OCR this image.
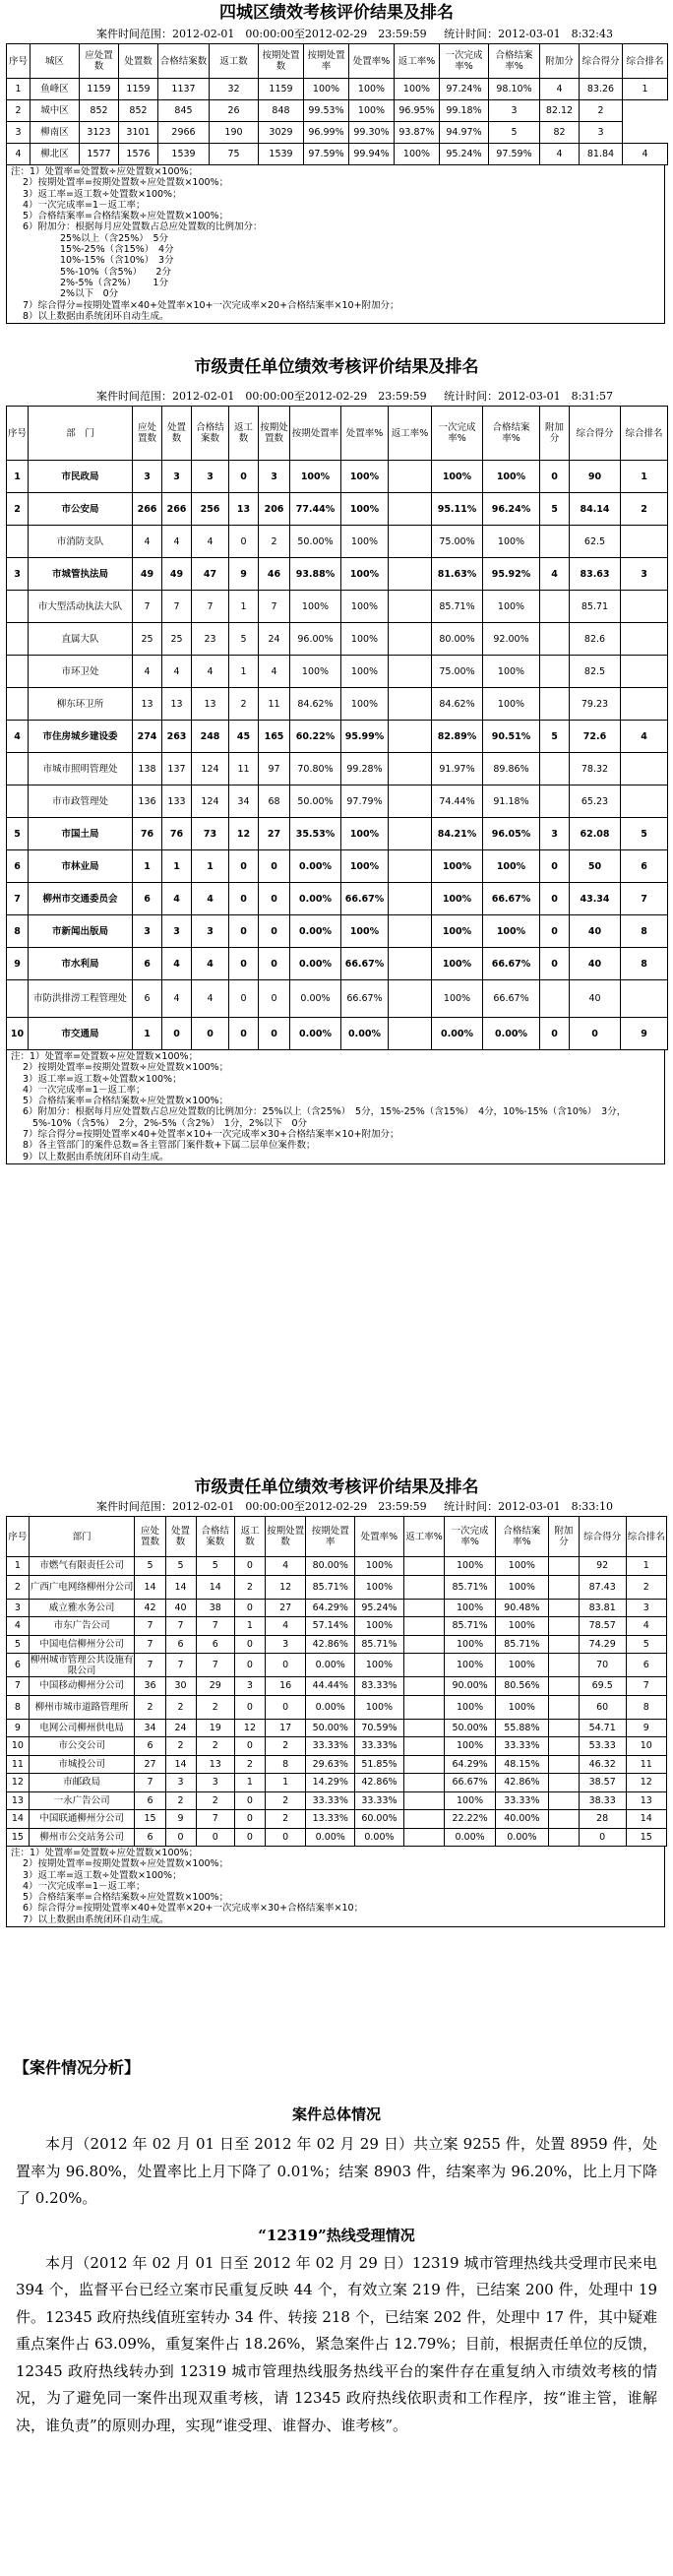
四城区绩效考核评价结果及排名
案件时间范围：2012-02-01　00:00:00至2012-02-29　23:59:59 统计时间：2012-03-01　8:32:43
序号	城区	应处置数	处置数	合格结案数	返工数	按期处置数	按期处置率	处置率%	返工率%	一次完成率%	合格结案率%	附加分	综合得分	综合排名
1	鱼峰区	1159	1159	1137	32	1159	100%	100%	100%	97.24%	98.10%	4	83.26	1
2	城中区	852	852	845	26	848	99.53%	100%	96.95%	99.18%	3	82.12	2	
3	柳南区	3123	3101	2966	190	3029	96.99%	99.30%	93.87%	94.97%	5	82	3	
4	柳北区	1577	1576	1539	75	1539	97.59%	99.94%	100%	95.24%	97.59%	4	81.84	4
注：1）处置率=处置数÷应处置数×100%；
2）按期处置率=按期处置数÷应处置数×100%；
3）返工率=返工数÷处置数×100%；
4）一次完成率=1－返工率；
5）合格结案率=合格结案数÷应处置数×100%；
6）附加分：根据每月应处置数占总应处置数的比例加分：
25%以上（含25%）　5分
15%-25%（含15%）　4分
10%-15%（含10%）　3分
5%-10%（含5%）　　2分
2%-5%（含2%）　　 1分
2%以下　0分
7）综合得分=按期处置率×40+处置率×10+一次完成率×20+合格结案率×10+附加分；
8）以上数据由系统闭环自动生成。
市级责任单位绩效考核评价结果及排名
案件时间范围：2012-02-01　00:00:00至2012-02-29　23:59:59 统计时间：2012-03-01　8:31:57
序号	部　门	应处置数	处置数	合格结案数	返工数	按期处置数	按期处置率	处置率%	返工率%	一次完成率%	合格结案率%	附加分	综合得分	综合排名
1	市民政局	3	3	3	0	3	100%	100%		100%	100%	0	90	1
2	市公安局	266	266	256	13	206	77.44%	100%		95.11%	96.24%	5	84.14	2
	市消防支队	4	4	4	0	2	50.00%	100%		75.00%	100%		62.5	
3	市城管执法局	49	49	47	9	46	93.88%	100%		81.63%	95.92%	4	83.63	3
	市大型活动执法大队	7	7	7	1	7	100%	100%		85.71%	100%		85.71	
	直属大队	25	25	23	5	24	96.00%	100%		80.00%	92.00%		82.6	
	市环卫处	4	4	4	1	4	100%	100%		75.00%	100%		82.5	
	柳东环卫所	13	13	13	2	11	84.62%	100%		84.62%	100%		79.23	
4	市住房城乡建设委	274	263	248	45	165	60.22%	95.99%		82.89%	90.51%	5	72.6	4
	市城市照明管理处	138	137	124	11	97	70.80%	99.28%		91.97%	89.86%		78.32	
	市市政管理处	136	133	124	34	68	50.00%	97.79%		74.44%	91.18%		65.23	
5	市国土局	76	76	73	12	27	35.53%	100%		84.21%	96.05%	3	62.08	5
6	市林业局	1	1	1	0	0	0.00%	100%		100%	100%	0	50	6
7	柳州市交通委员会	6	4	4	0	0	0.00%	66.67%		100%	66.67%	0	43.34	7
8	市新闻出版局	3	3	3	0	0	0.00%	100%		100%	100%	0	40	8
9	市水利局	6	4	4	0	0	0.00%	66.67%		100%	66.67%	0	40	8
	市防洪排涝工程管理处	6	4	4	0	0	0.00%	66.67%		100%	66.67%		40	
10	市交通局	1	0	0	0	0	0.00%	0.00%		0.00%	0.00%	0	0	9
注：1）处置率=处置数÷应处置数×100%；
2）按期处置率=按期处置数÷应处置数×100%；
3）返工率=返工数÷处置数×100%；
4）一次完成率=1－返工率；
5）合格结案率=合格结案数÷应处置数×100%；
6）附加分：根据每月应处置数占总应处置数的比例加分：25%以上（含25%）　5分，15%-25%（含15%）　4分，10%-15%（含10%）　3分，5%-10%（含5%）　2分，2%-5%（含2%）　1分，2%以下　0分
7）综合得分=按期处置率×40+处置率×10+一次完成率×30+合格结案率×10+附加分；
8）各主管部门的案件总数=各主管部门案件数+下属二层单位案件数；
9）以上数据由系统闭环自动生成。
市级责任单位绩效考核评价结果及排名
案件时间范围：2012-02-01　00:00:00至2012-02-29　23:59:59 统计时间：2012-03-01　8:33:10
序号	部门	应处置数	处置数	合格结案数	返工数	按期处置数	按期处置率	处置率%	返工率%	一次完成率%	合格结案率%	附加分	综合得分	综合排名
1	市燃气有限责任公司	5	5	5	0	4	80.00%	100%		100%	100%		92	1
2	广西广电网络柳州分公司	14	14	14	2	12	85.71%	100%		85.71%	100%		87.43	2
3	威立雅水务公司	42	40	38	0	27	64.29%	95.24%		100%	90.48%		83.81	3
4	市东广告公司	7	7	7	1	4	57.14%	100%		85.71%	100%		78.57	4
5	中国电信柳州分公司	7	6	6	0	3	42.86%	85.71%		100%	85.71%		74.29	5
6	柳州城市管理公共设施有限公司	7	7	7	0	0	0.00%	100%		100%	100%		70	6
7	中国移动柳州分公司	36	30	29	3	16	44.44%	83.33%		90.00%	80.56%		69.5	7
8	柳州市城市道路管理所	2	2	2	0	0	0.00%	100%		100%	100%		60	8
9	电网公司柳州供电局	34	24	19	12	17	50.00%	70.59%		50.00%	55.88%		54.71	9
10	市公交公司	6	2	2	0	2	33.33%	33.33%		100%	33.33%		53.33	10
11	市城投公司	27	14	13	2	8	29.63%	51.85%		64.29%	48.15%		46.32	11
12	市邮政局	7	3	3	1	1	14.29%	42.86%		66.67%	42.86%		38.57	12
13	一永广告公司	6	2	2	0	2	33.33%	33.33%		100%	33.33%		38.33	13
14	中国联通柳州分公司	15	9	7	0	2	13.33%	60.00%		22.22%	40.00%		28	14
15	柳州市公交站务公司	6	0	0	0	0	0.00%	0.00%		0.00%	0.00%		0	15
注：1）处置率=处置数÷应处置数×100%；
2）按期处置率=按期处置数÷应处置数×100%；
3）返工率=返工数÷处置数×100%；
4）一次完成率=1－返工率；
5）合格结案率=合格结案数÷应处置数×100%；
6）综合得分=按期处置率×40+处置率×20+一次完成率×30+合格结案率×10；
7）以上数据由系统闭环自动生成。
【案件情况分析】
案件总体情况
本月（2012 年 02 月 01 日至 2012 年 02 月 29 日）共立案 9255 件，处置 8959 件，处置率为 96.80%，处置率比上月下降了 0.01%；结案 8903 件，结案率为 96.20%，比上月下降了 0.20%。
“12319”热线受理情况
本月（2012 年 02 月 01 日至 2012 年 02 月 29 日）12319 城市管理热线共受理市民来电 394 个，监督平台已经立案市民重复反映 44 个，有效立案 219 件，已结案 200 件，处理中 19 件。12345 政府热线值班室转办 34 件、转接 218 个，已结案 202 件，处理中 17 件，其中疑难重点案件占 63.09%，重复案件占 18.26%，紧急案件占 12.79%；目前，根据责任单位的反馈，12345 政府热线转办到 12319 城市管理热线服务热线平台的案件存在重复纳入市绩效考核的情况，为了避免同一案件出现双重考核，请 12345 政府热线依职责和工作程序，按“谁主管，谁解决，谁负责”的原则办理，实现“谁受理、谁督办、谁考核”。
